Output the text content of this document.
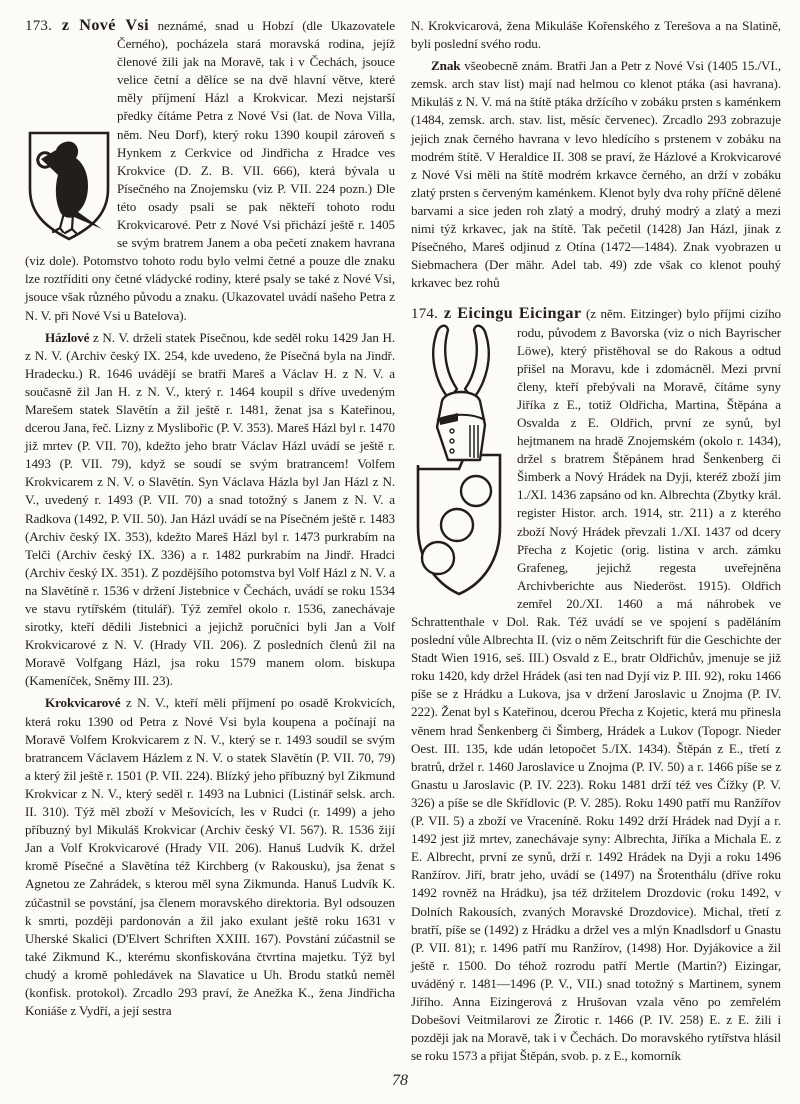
173. z Nové Vsi neznámé, snad u Hobzí (dle Ukazovatele Černého), pocházela stará moravská rodina, jejíž členové žili jak na Moravě, tak i v Čechách, jsouce velice četní a dělíce se na dvě hlavní větve, které měly příjmení Házl a Krokvicar. Mezi nejstarší předky čítáme Petra z Nové Vsi (lat. de Nova Villa, něm. Neu Dorf), který roku 1390 koupil zároveň s Hynkem z Cerkvice od Jindřicha z Hradce ves Krokvice (D. Z. B. VII. 666), která bývala u Písečného na Znojemsku (viz P. VII. 224 pozn.) Dle této osady psali se pak někteří tohoto rodu Krokvicarové. Petr z Nové Vsi přichází ještě r. 1405 se svým bratrem Janem a oba pečetí znakem havrana (viz dole). Potomstvo tohoto rodu bylo velmi četné a pouze dle znaku lze roztříditi ony četné vládycké rodiny, které psaly se také z Nové Vsi, jsouce však různého původu a znaku. (Ukazovatel uvádí našeho Petra z N. V. při Nové Vsi u Batelova).

Házlové z N. V. drželi statek Písečnou, kde seděl roku 1429 Jan H. z N. V. (Archiv český IX. 254, kde uvedeno, že Písečná byla na Jindř. Hradecku.) R. 1646 uvádějí se bratři Mareš a Václav H. z N. V. a současně žil Jan H. z N. V., který r. 1464 koupil s dříve uvedeným Marešem statek Slavětín a žil ještě r. 1481, ženat jsa s Kateřinou, dcerou Jana, řeč. Lizny z Myslibořic (P. V. 353). Mareš Házl byl r. 1470 již mrtev (P. VII. 70), kdežto jeho bratr Václav Házl uvádí se ještě r. 1493 (P. VII. 79), když se soudí se svým bratrancem! Volfem Krokvicarem z N. V. o Slavětín. Syn Václava Házla byl Jan Házl z N. V., uvedený r. 1493 (P. VII. 70) a snad totožný s Janem z N. V. a Radkova (1492, P. VII. 50). Jan Házl uvádí se na Písečném ještě r. 1483 (Archiv český IX. 353), kdežto Mareš Házl byl r. 1473 purkrabím na Telči (Archiv český IX. 336) a r. 1482 purkrabím na Jindř. Hradci (Archiv český IX. 351). Z pozdějšího potomstva byl Volf Házl z N. V. a na Slavětíně r. 1536 v držení Jistebnice v Čechách, uvádí se roku 1534 ve stavu rytířském (titulář). Týž zemřel okolo r. 1536, zanechávaje sirotky, kteří dědili Jistebnici a jejichž poručníci byli Jan a Volf Krokvicarové z N. V. (Hrady VII. 206). Z posledních členů žil na Moravě Volfgang Házl, jsa roku 1579 manem olom. biskupa (Kameníček, Sněmy III. 23).

Krokvicarové z N. V., kteří měli příjmení po osadě Krokvicích, která roku 1390 od Petra z Nové Vsi byla koupena a počínají na Moravě Volfem Krokvicarem z N. V., který se r. 1493 soudil se svým bratrancem Václavem Házlem z N. V. o statek Slavětín (P. VII. 70, 79) a který žil ještě r. 1501 (P. VII. 224). Blízký jeho příbuzný byl Zikmund Krokvicar z N. V., který seděl r. 1493 na Lubnici (Listinář selsk. arch. II. 310). Týž měl zboží v Mešovicích, les v Rudci (r. 1499) a jeho příbuzný byl Mikuláš Krokvicar (Archiv český VI. 567). R. 1536 žijí Jan a Volf Krokvicarové (Hrady VII. 206). Hanuš Ludvík K. držel kromě Písečné a Slavětína též Kirchberg (v Rakousku), jsa ženat s Agnetou ze Zahrádek, s kterou měl syna Zikmunda. Hanuš Ludvík K. zúčastnil se povstání, jsa členem moravského direktoria. Byl odsouzen k smrti, později pardonován a žil jako exulant ještě roku 1631 v Uherské Skalici (D'Elvert Schriften XXIII. 167). Povstání zúčastnil se také Zikmund K., kterému skonfiskována čtvrtina majetku. Týž byl chudý a kromě pohledávek na Slavatice u Uh. Brodu statků neměl (konfisk. protokol). Zrcadlo 293 praví, že Anežka K., žena Jindřicha Koniáše z Vydří, a její sestra

N. Krokvicarová, žena Mikuláše Kořenského z Terešova a na Slatině, byli poslední svého rodu.

Znak všeobecně znám. Bratři Jan a Petr z Nové Vsi (1405 15./VI., zemsk. arch stav list) mají nad helmou co klenot ptáka (asi havrana). Mikuláš z N. V. má na štítě ptáka držícího v zobáku prsten s kaménkem (1484, zemsk. arch. stav. list, měsíc červenec). Zrcadlo 293 zobrazuje jejich znak černého havrana v levo hledícího s prstenem v zobáku na modrém štítě. V Heraldice II. 308 se praví, že Házlové a Krokvicarové z Nové Vsi měli na štítě modrém krkavce černého, an drží v zobáku zlatý prsten s červeným kaménkem. Klenot byly dva rohy příčně dělené barvami a sice jeden roh zlatý a modrý, druhý modrý a zlatý a mezi nimi týž krkavec, jak na štítě. Tak pečetil (1428) Jan Házl, jinak z Písečného, Mareš odjinud z Otína (1472—1484). Znak vyobrazen u Siebmachera (Der mähr. Adel tab. 49) zde však co klenot pouhý krkavec bez rohů

174. z Eicingu Eicingar (z něm. Eitzinger) bylo příjmi cizího rodu, původem z Bavorska (viz o nich Bayrischer Löwe), který přistěhoval se do Rakous a odtud přišel na Moravu, kde i zdomácněl. Mezi první členy, kteří přebývali na Moravě, čítáme syny Jiříka z E., totiž Oldřicha, Martina, Štěpána a Osvalda z E. Oldřich, první ze synů, byl hejtmanem na hradě Znojemském (okolo r. 1434), držel s bratrem Štěpánem hrad Šenkenberg či Šimberk a Nový Hrádek na Dyji, kteréž zboží jim 1./XI. 1436 zapsáno od kn. Albrechta (Zbytky král. register Histor. arch. 1914, str. 211) a z kterého zboží Nový Hrádek převzali 1./XI. 1437 od dcery Přecha z Kojetic (orig. listina v arch. zámku Grafeneg, jejichž regesta uveřejněna Archivberichte aus Niederöst. 1915). Oldřich zemřel 20./XI. 1460 a má náhrobek ve Schrattenthale v Dol. Rak. Též uvádí se ve spojení s paděláním poslední vůle Albrechta II. (viz o něm Zeitschrift für die Geschichte der Stadt Wien 1916, seš. III.) Osvald z E., bratr Oldřichův, jmenuje se již roku 1420, kdy držel Hrádek (asi ten nad Dyjí viz P. III. 92), roku 1466 píše se z Hrádku a Lukova, jsa v držení Jaroslavic u Znojma (P. IV. 222). Ženat byl s Kateřinou, dcerou Přecha z Kojetic, která mu přinesla věnem hrad Šenkenberg či Šimberg, Hrádek a Lukov (Topogr. Nieder Oest. III. 135, kde udán letopočet 5./IX. 1434). Štěpán z E., třetí z bratrů, držel r. 1460 Jaroslavice u Znojma (P. IV. 50) a r. 1466 píše se z Gnastu u Jaroslavic (P. IV. 223). Roku 1481 drží též ves Čížky (P. V. 326) a píše se dle Skřídlovic (P. V. 285). Roku 1490 patří mu Ranžířov (P. VII. 5) a zboží ve Vraceníně. Roku 1492 drží Hrádek nad Dyjí a r. 1492 jest již mrtev, zanechávaje syny: Albrechta, Jiříka a Michala E. z E. Albrecht, první ze synů, drží r. 1492 Hrádek na Dyji a roku 1496 Ranžírov. Jiří, bratr jeho, uvádí se (1497) na Šrotenthálu (dříve roku 1492 rovněž na Hrádku), jsa též držitelem Drozdovic (roku 1492, v Dolních Rakousích, zvaných Moravské Drozdovice). Michal, třetí z bratří, píše se (1492) z Hrádku a držel ves a mlýn Knadlsdorf u Gnastu (P. VII. 81); r. 1496 patří mu Ranžírov, (1498) Hor. Dyjákovice a žil ještě r. 1500. Do téhož rozrodu patří Mertle (Martin?) Eizingar, uváděný r. 1481—1496 (P. V., VII.) snad totožný s Martinem, synem Jiřího. Anna Eizingerová z Hrušovan vzala věno po zemřelém Dobešovi Veitmilarovi ze Žirotic r. 1466 (P. IV. 258) E. z E. žili i později jak na Moravě, tak i v Čechách. Do moravského rytířstva hlásil se roku 1573 a přijat Štěpán, svob. p. z E., komorník

78
